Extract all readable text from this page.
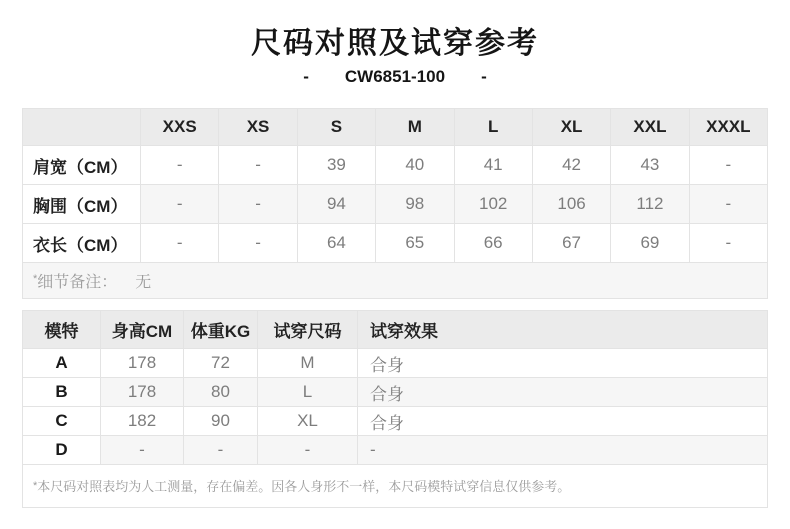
尺码对照及试穿参考
- CW6851-100 -
	XXS	XS	S	M	L	XL	XXL	XXXL
肩宽（CM）	-	-	39	40	41	42	43	-
胸围（CM）	-	-	94	98	102	106	112	-
衣长（CM）	-	-	64	65	66	67	69	-
*细节备注： 无								
模特	身高CM	体重KG	试穿尺码	试穿效果
A	178	72	M	合身
B	178	80	L	合身
C	182	90	XL	合身
D	-	-	-	-
*本尺码对照表均为人工测量，存在偏差。因各人身形不一样，本尺码模特试穿信息仅供参考。				
